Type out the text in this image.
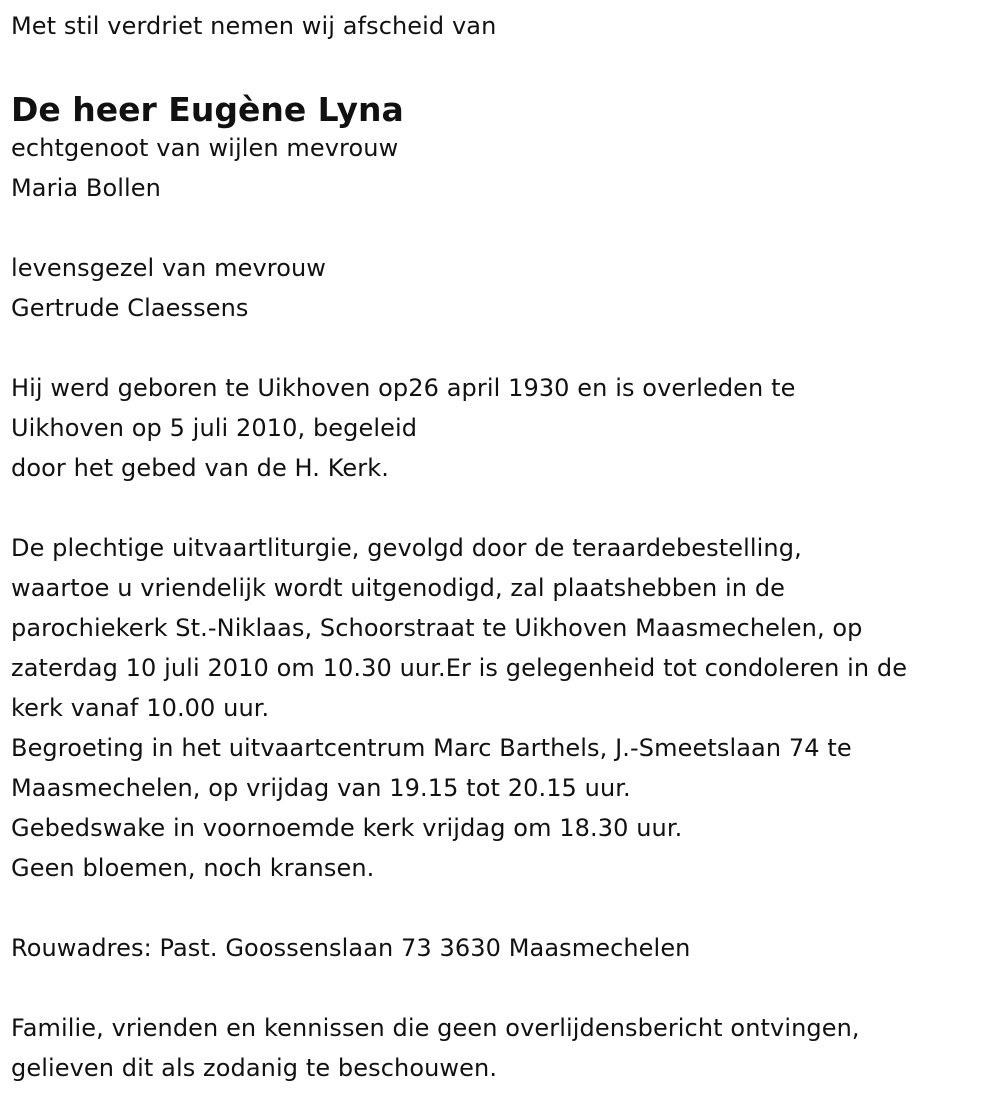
Met stil verdriet nemen wij afscheid van
De heer Eugène Lyna
echtgenoot van wijlen mevrouw
Maria Bollen
levensgezel van mevrouw
Gertrude Claessens
Hij werd geboren te Uikhoven op26 april 1930 en is overleden te
Uikhoven op 5 juli 2010, begeleid
door het gebed van de H. Kerk.
De plechtige uitvaartliturgie, gevolgd door de teraardebestelling,
waartoe u vriendelijk wordt uitgenodigd, zal plaatshebben in de
parochiekerk St.-Niklaas, Schoorstraat te Uikhoven Maasmechelen, op
zaterdag 10 juli 2010 om 10.30 uur.Er is gelegenheid tot condoleren in de
kerk vanaf 10.00 uur.
Begroeting in het uitvaartcentrum Marc Barthels, J.-Smeetslaan 74 te
Maasmechelen, op vrijdag van 19.15 tot 20.15 uur.
Gebedswake in voornoemde kerk vrijdag om 18.30 uur.
Geen bloemen, noch kransen.
Rouwadres: Past. Goossenslaan 73 3630 Maasmechelen
Familie, vrienden en kennissen die geen overlijdensbericht ontvingen,
gelieven dit als zodanig te beschouwen.
